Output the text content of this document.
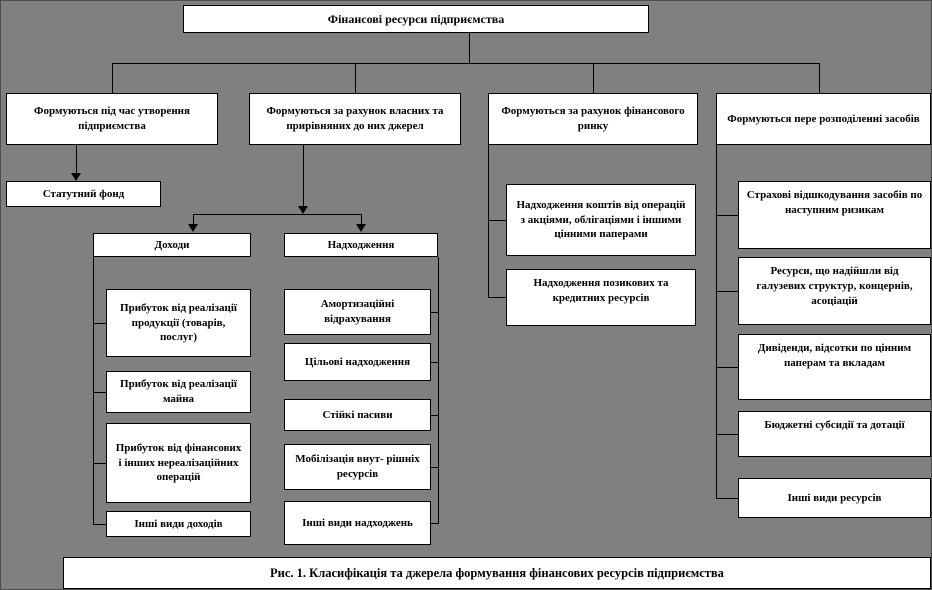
Фінансові ресурси підприємства
Формуються під час утворення підприємства
Формуються за рахунок власних та прирівняних до них джерел
Формуються за рахунок фінансового ринку
Формуються пере розподіленні засобів
Статутний фонд
Доходи	Надходження
Прибуток від реалізації продукції (товарів, послуг)
Прибуток від реалізації майна
Прибуток від фінансових і інших нереалізаційних операцій
Інші види доходів
Амортизаційні відрахування
Цільові надходження
Стійкі пасиви
Мобілізація внут- рішніх ресурсів
Інші види надходжень
Надходження коштів від операцій з акціями, облігаціями і іншими цінними паперами
Надходження позикових та кредитних ресурсів
Страхові відшкодування засобів по наступним ризикам
Ресурси, що надійшли від галузевих структур, концернів, асоціацій
Дивіденди, відсотки по цінним паперам та вкладам
Бюджетні субсидії та дотації
Інші види ресурсів
Рис. 1. Класифікація та джерела формування фінансових ресурсів підприємства
